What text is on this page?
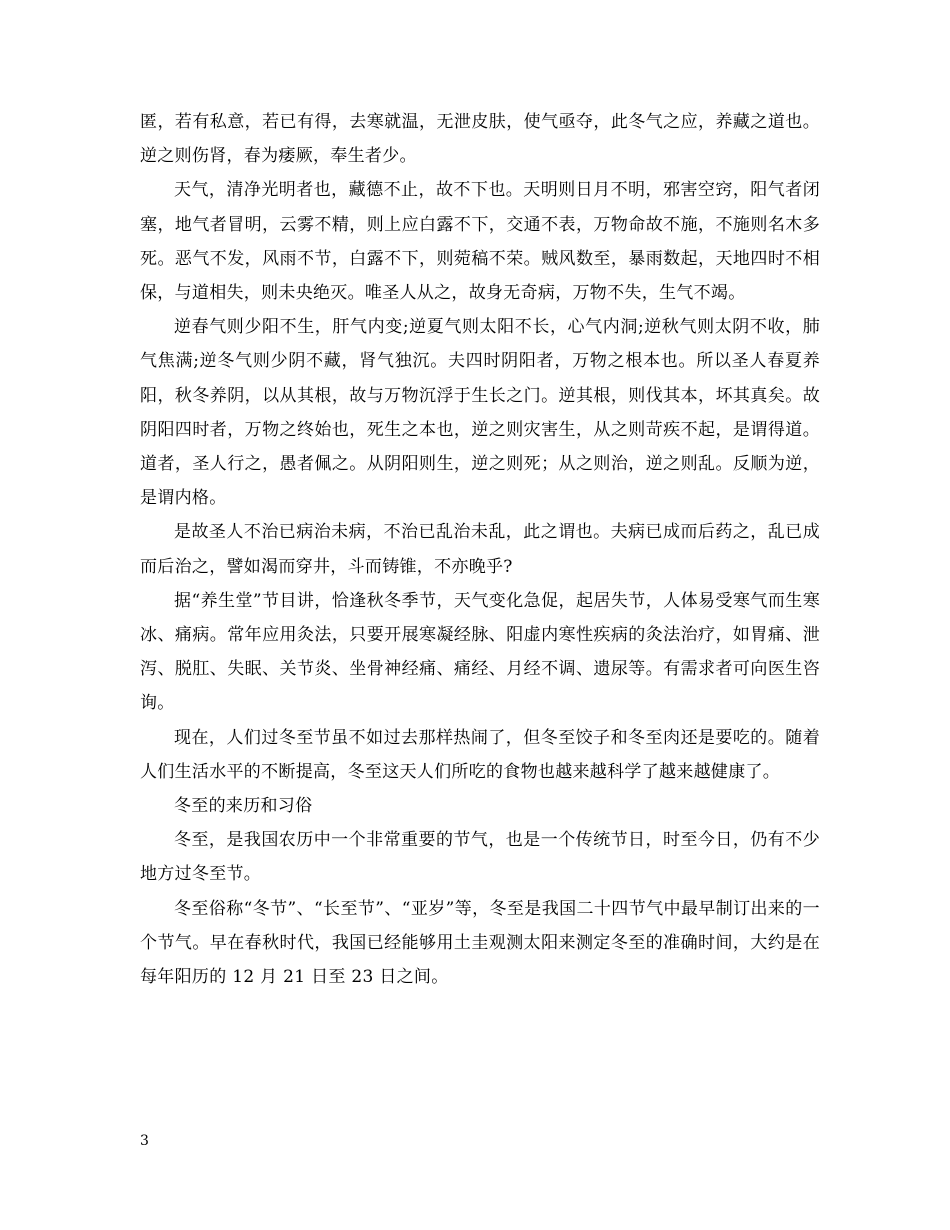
匿，若有私意，若已有得，去寒就温，无泄皮肤，使气亟夺，此冬气之应，养藏之道也。逆之则伤肾，春为痿厥，奉生者少。

天气，清净光明者也，藏德不止，故不下也。天明则日月不明，邪害空窍，阳气者闭塞，地气者冒明，云雾不精，则上应白露不下，交通不表，万物命故不施，不施则名木多死。恶气不发，风雨不节，白露不下，则菀稿不荣。贼风数至，暴雨数起，天地四时不相保，与道相失，则未央绝灭。唯圣人从之，故身无奇病，万物不失，生气不竭。

逆春气则少阳不生，肝气内变;逆夏气则太阳不长，心气内洞;逆秋气则太阴不收，肺气焦满;逆冬气则少阴不藏，肾气独沉。夫四时阴阳者，万物之根本也。所以圣人春夏养阳，秋冬养阴，以从其根，故与万物沉浮于生长之门。逆其根，则伐其本，坏其真矣。故阴阳四时者，万物之终始也，死生之本也，逆之则灾害生，从之则苛疾不起，是谓得道。道者，圣人行之，愚者佩之。从阴阳则生，逆之则死；从之则治，逆之则乱。反顺为逆，是谓内格。

是故圣人不治已病治未病，不治已乱治未乱，此之谓也。夫病已成而后药之，乱已成而后治之，譬如渴而穿井，斗而铸锥，不亦晚乎?

据“养生堂”节目讲，恰逢秋冬季节，天气变化急促，起居失节，人体易受寒气而生寒冰、痛病。常年应用灸法，只要开展寒凝经脉、阳虚内寒性疾病的灸法治疗，如胃痛、泄泻、脱肛、失眠、关节炎、坐骨神经痛、痛经、月经不调、遗尿等。有需求者可向医生咨询。

现在，人们过冬至节虽不如过去那样热闹了，但冬至饺子和冬至肉还是要吃的。随着人们生活水平的不断提高，冬至这天人们所吃的食物也越来越科学了越来越健康了。

冬至的来历和习俗

冬至，是我国农历中一个非常重要的节气，也是一个传统节日，时至今日，仍有不少地方过冬至节。

冬至俗称“冬节”、“长至节”、“亚岁”等，冬至是我国二十四节气中最早制订出来的一个节气。早在春秋时代，我国已经能够用土圭观测太阳来测定冬至的准确时间，大约是在每年阳历的 12 月 21 日至 23 日之间。

3
